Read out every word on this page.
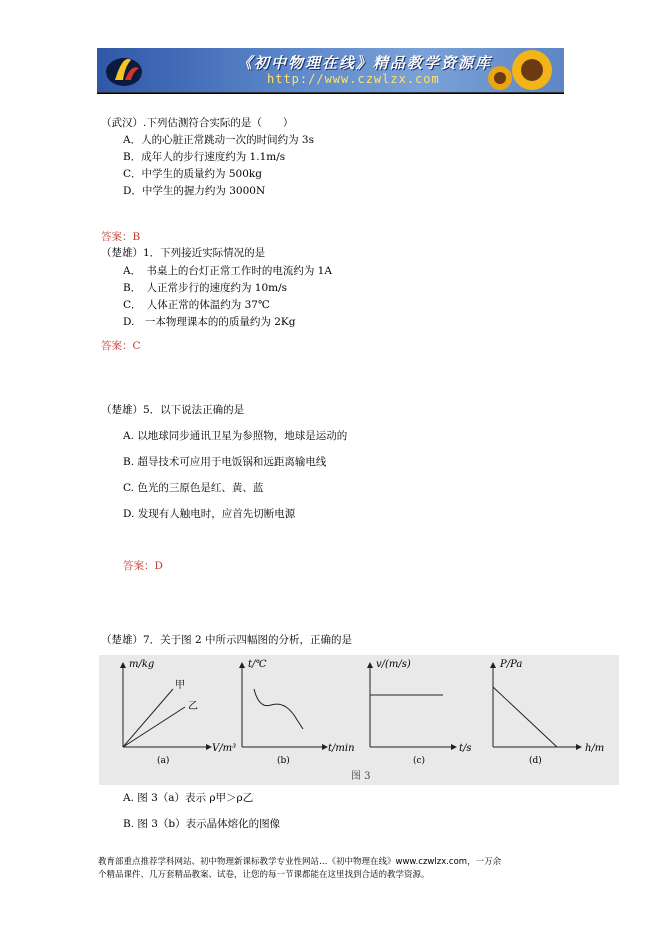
《初中物理在线》精品教学资源库
http://www.czwlzx.com
（武汉）.下列估测符合实际的是（　　）
A．人的心脏正常跳动一次的时间约为 3s
B．成年人的步行速度约为 1.1m/s
C．中学生的质量约为 500kg
D．中学生的握力约为 3000N
答案：B
（楚雄）1．下列接近实际情况的是
A．　书桌上的台灯正常工作时的电流约为 1A
B．　人正常步行的速度约为 10m/s
C．　人体正常的体温约为 37℃
D.　一本物理课本的的质量约为 2Kg
答案：C
（楚雄）5．以下说法正确的是
A. 以地球同步通讯卫星为参照物，地球是运动的
B. 超导技术可应用于电饭锅和远距离输电线
C. 色光的三原色是红、黄、蓝
D. 发现有人触电时，应首先切断电源
答案：D
（楚雄）7．关于图 2 中所示四幅图的分析，正确的是
m/kg
甲
乙
V/m³
(a)
t/℃
t/min
(b)
v/(m/s)
t/s
(c)
P/Pa
h/m
(d)
图 3
A. 图 3（a）表示 ρ甲＞ρ乙
B. 图 3（b）表示晶体熔化的图像
教育部重点推荐学科网站、初中物理新课标教学专业性网站…《初中物理在线》www.czwlzx.com，一万余
个精品课件、几万套精品教案、试卷，让您的每一节课都能在这里找到合适的教学资源。
